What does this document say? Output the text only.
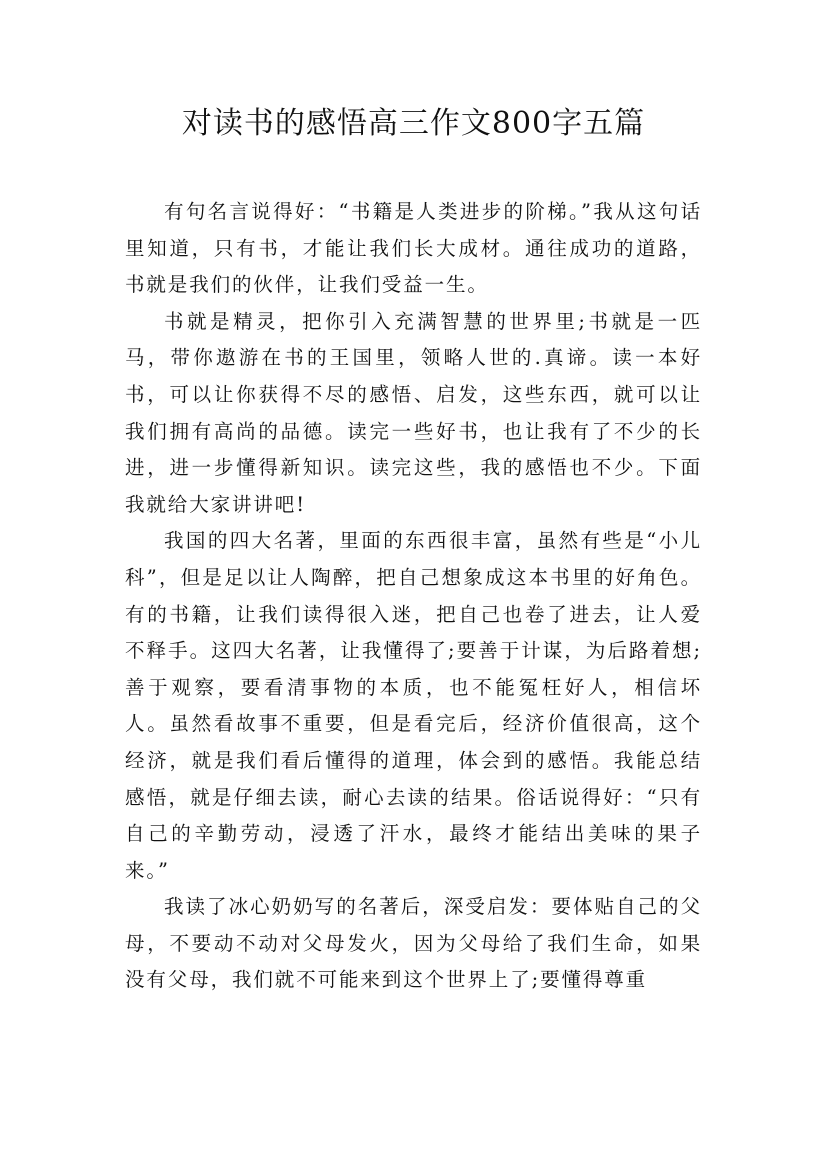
对读书的感悟高三作文800字五篇

有句名言说得好：“书籍是人类进步的阶梯。”我从这句话里知道，只有书，才能让我们长大成材。通往成功的道路，书就是我们的伙伴，让我们受益一生。

书就是精灵，把你引入充满智慧的世界里;书就是一匹马，带你遨游在书的王国里，领略人世的.真谛。读一本好书，可以让你获得不尽的感悟、启发，这些东西，就可以让我们拥有高尚的品德。读完一些好书，也让我有了不少的长进，进一步懂得新知识。读完这些，我的感悟也不少。下面我就给大家讲讲吧!

我国的四大名著，里面的东西很丰富，虽然有些是“小儿科”，但是足以让人陶醉，把自己想象成这本书里的好角色。有的书籍，让我们读得很入迷，把自己也卷了进去，让人爱不释手。这四大名著，让我懂得了;要善于计谋，为后路着想;善于观察，要看清事物的本质，也不能冤枉好人，相信坏人。虽然看故事不重要，但是看完后，经济价值很高，这个经济，就是我们看后懂得的道理，体会到的感悟。我能总结感悟，就是仔细去读，耐心去读的结果。俗话说得好：“只有自己的辛勤劳动，浸透了汗水，最终才能结出美味的果子来。”

我读了冰心奶奶写的名著后，深受启发：要体贴自己的父母，不要动不动对父母发火，因为父母给了我们生命，如果没有父母，我们就不可能来到这个世界上了;要懂得尊重
